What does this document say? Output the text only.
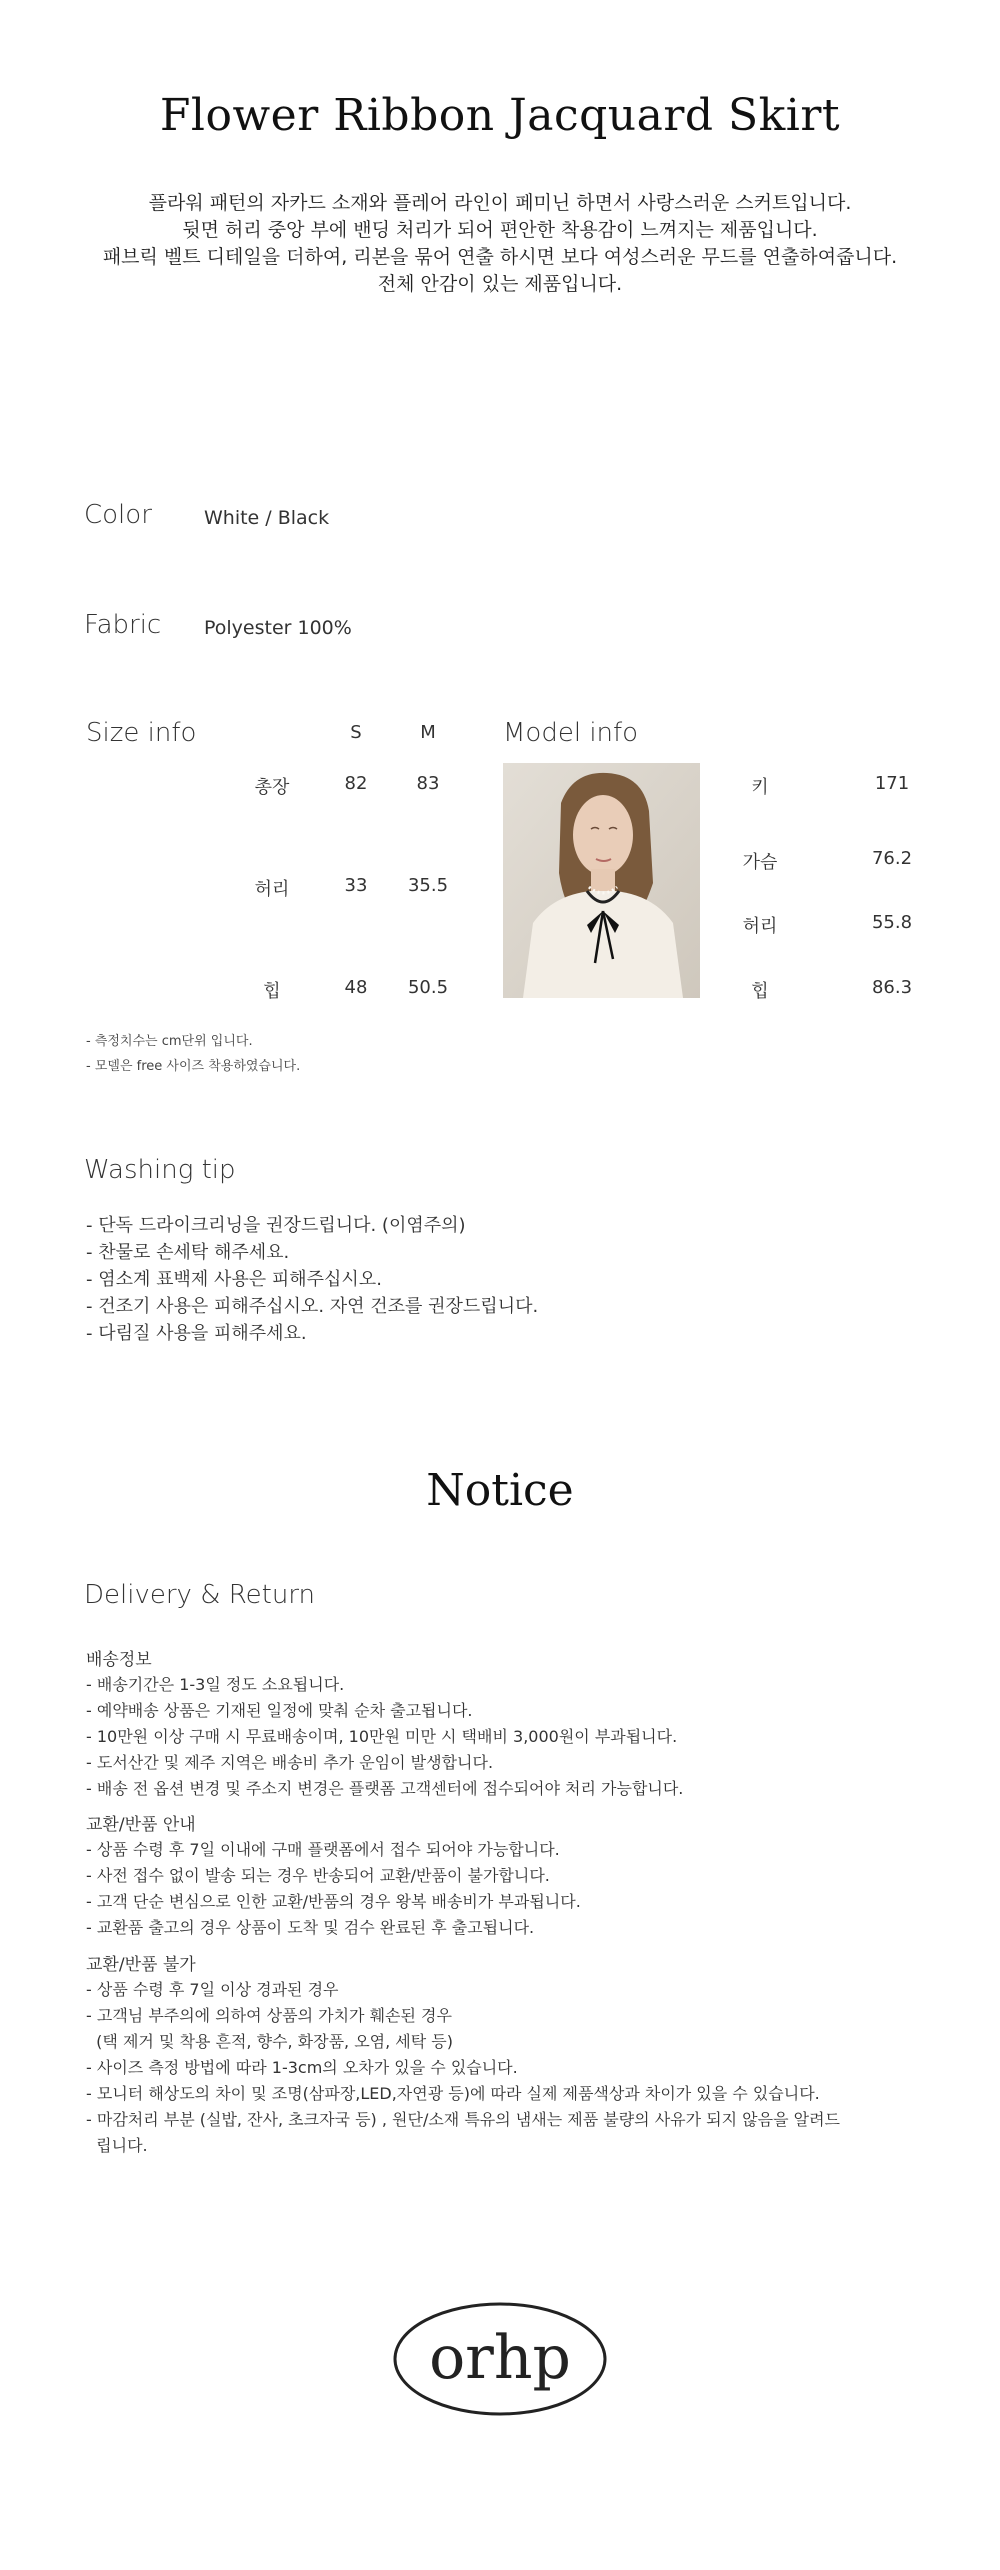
Flower Ribbon Jacquard Skirt
플라워 패턴의 자카드 소재와 플레어 라인이 페미닌 하면서 사랑스러운 스커트입니다.
뒷면 허리 중앙 부에 밴딩 처리가 되어 편안한 착용감이 느껴지는 제품입니다.
패브릭 벨트 디테일을 더하여, 리본을 묶어 연출 하시면 보다 여성스러운 무드를 연출하여줍니다.
전체 안감이 있는 제품입니다.
Color	White / Black
Fabric Polyester 100%
Size info	S	M
총장	82	83
허리	33	35.5
힙	48	50.5
- 측정치수는 cm단위 입니다.
- 모델은 free 사이즈 착용하였습니다.
Model info
키	171
가슴	76.2
허리	55.8
힙	86.3
Washing tip
- 단독 드라이크리닝을 권장드립니다. (이염주의)
- 찬물로 손세탁 해주세요.
- 염소계 표백제 사용은 피해주십시오.
- 건조기 사용은 피해주십시오. 자연 건조를 권장드립니다.
- 다림질 사용을 피해주세요.
Notice
Delivery & Return
배송정보
- 배송기간은 1-3일 정도 소요됩니다.
- 예약배송 상품은 기재된 일정에 맞춰 순차 출고됩니다.
- 10만원 이상 구매 시 무료배송이며, 10만원 미만 시 택배비 3,000원이 부과됩니다.
- 도서산간 및 제주 지역은 배송비 추가 운임이 발생합니다.
- 배송 전 옵션 변경 및 주소지 변경은 플랫폼 고객센터에 접수되어야 처리 가능합니다.
교환/반품 안내
- 상품 수령 후 7일 이내에 구매 플랫폼에서 접수 되어야 가능합니다.
- 사전 접수 없이 발송 되는 경우 반송되어 교환/반품이 불가합니다.
- 고객 단순 변심으로 인한 교환/반품의 경우 왕복 배송비가 부과됩니다.
- 교환품 출고의 경우 상품이 도착 및 검수 완료된 후 출고됩니다.
교환/반품 불가
- 상품 수령 후 7일 이상 경과된 경우
- 고객님 부주의에 의하여 상품의 가치가 훼손된 경우
(택 제거 및 착용 흔적, 향수, 화장품, 오염, 세탁 등)
- 사이즈 측정 방법에 따라 1-3cm의 오차가 있을 수 있습니다.
- 모니터 해상도의 차이 및 조명(삼파장,LED,자연광 등)에 따라 실제 제품색상과 차이가 있을 수 있습니다.
- 마감처리 부분 (실밥, 잔사, 초크자국 등) , 원단/소재 특유의 냄새는 제품 불량의 사유가 되지 않음을 알려드
립니다.
orhp
